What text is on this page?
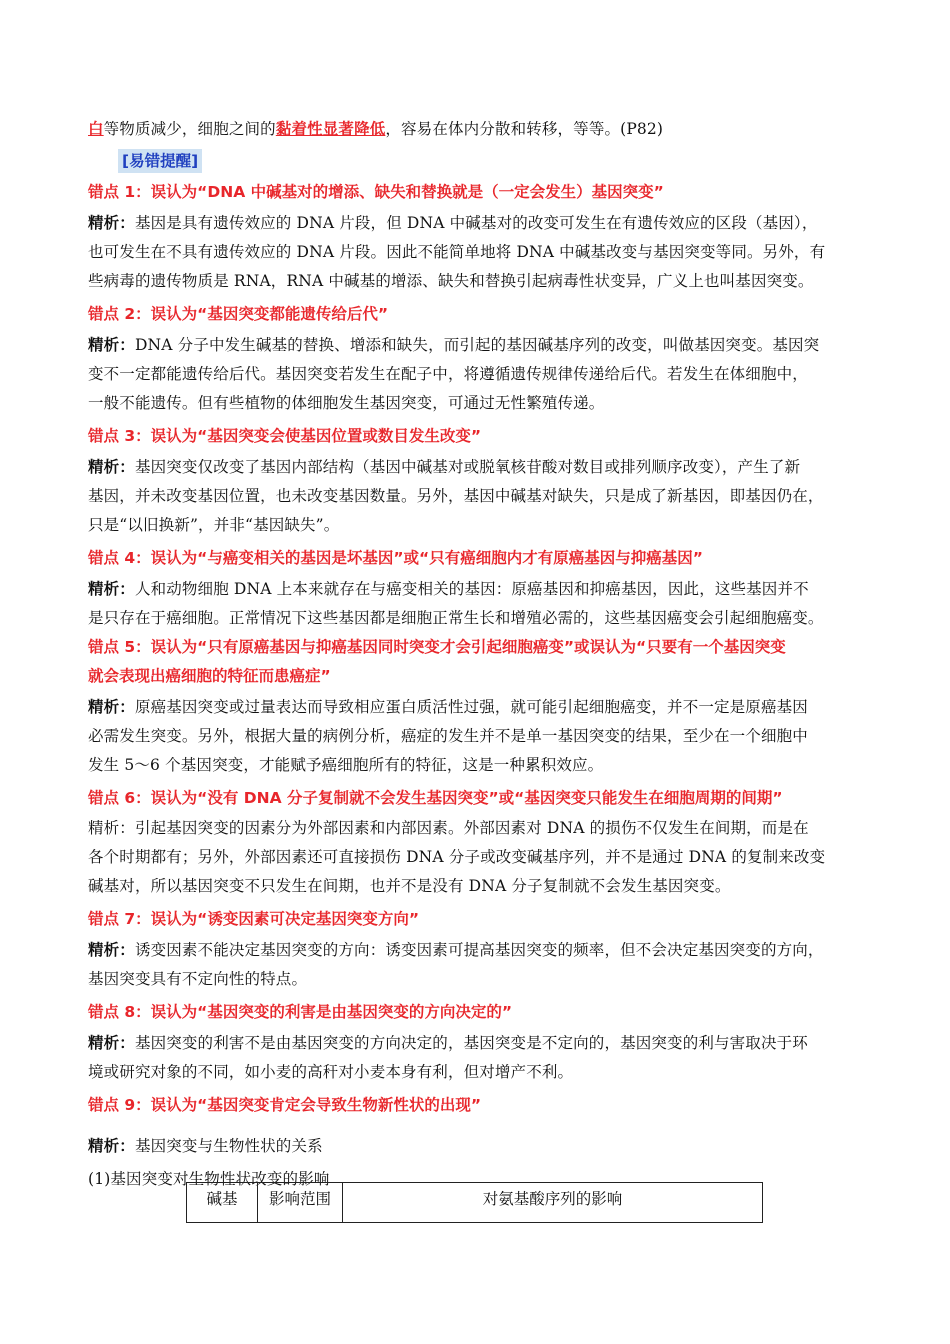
白等物质减少，细胞之间的黏着性显著降低，容易在体内分散和转移，等等。(P82)
[易错提醒]
错点 1：误认为“DNA 中碱基对的增添、缺失和替换就是（一定会发生）基因突变”
精析：基因是具有遗传效应的 DNA 片段，但 DNA 中碱基对的改变可发生在有遗传效应的区段（基因），
也可发生在不具有遗传效应的 DNA 片段。因此不能简单地将 DNA 中碱基改变与基因突变等同。另外，有
些病毒的遗传物质是 RNA，RNA 中碱基的增添、缺失和替换引起病毒性状变异，广义上也叫基因突变。
错点 2：误认为“基因突变都能遗传给后代”
精析：DNA 分子中发生碱基的替换、增添和缺失，而引起的基因碱基序列的改变，叫做基因突变。基因突
变不一定都能遗传给后代。基因突变若发生在配子中，将遵循遗传规律传递给后代。若发生在体细胞中，
一般不能遗传。但有些植物的体细胞发生基因突变，可通过无性繁殖传递。
错点 3：误认为“基因突变会使基因位置或数目发生改变”
精析：基因突变仅改变了基因内部结构（基因中碱基对或脱氧核苷酸对数目或排列顺序改变），产生了新
基因，并未改变基因位置，也未改变基因数量。另外，基因中碱基对缺失，只是成了新基因，即基因仍在，
只是“以旧换新”，并非“基因缺失”。
错点 4：误认为“与癌变相关的基因是坏基因”或“只有癌细胞内才有原癌基因与抑癌基因”
精析：人和动物细胞 DNA 上本来就存在与癌变相关的基因：原癌基因和抑癌基因，因此，这些基因并不
是只存在于癌细胞。正常情况下这些基因都是细胞正常生长和增殖必需的，这些基因癌变会引起细胞癌变。
错点 5：误认为“只有原癌基因与抑癌基因同时突变才会引起细胞癌变”或误认为“只要有一个基因突变
就会表现出癌细胞的特征而患癌症”
精析：原癌基因突变或过量表达而导致相应蛋白质活性过强，就可能引起细胞癌变，并不一定是原癌基因
必需发生突变。另外，根据大量的病例分析，癌症的发生并不是单一基因突变的结果，至少在一个细胞中
发生 5～6 个基因突变，才能赋予癌细胞所有的特征，这是一种累积效应。
错点 6：误认为“没有 DNA 分子复制就不会发生基因突变”或“基因突变只能发生在细胞周期的间期”
精析：引起基因突变的因素分为外部因素和内部因素。外部因素对 DNA 的损伤不仅发生在间期，而是在
各个时期都有；另外，外部因素还可直接损伤 DNA 分子或改变碱基序列，并不是通过 DNA 的复制来改变
碱基对，所以基因突变不只发生在间期，也并不是没有 DNA 分子复制就不会发生基因突变。
错点 7：误认为“诱变因素可决定基因突变方向”
精析：诱变因素不能决定基因突变的方向：诱变因素可提高基因突变的频率，但不会决定基因突变的方向，
基因突变具有不定向性的特点。
错点 8：误认为“基因突变的利害是由基因突变的方向决定的”
精析：基因突变的利害不是由基因突变的方向决定的，基因突变是不定向的，基因突变的利与害取决于环
境或研究对象的不同，如小麦的高秆对小麦本身有利，但对增产不利。
错点 9：误认为“基因突变肯定会导致生物新性状的出现”
精析：基因突变与生物性状的关系
(1)基因突变对生物性状改变的影响
碱基	影响范围	对氨基酸序列的影响
